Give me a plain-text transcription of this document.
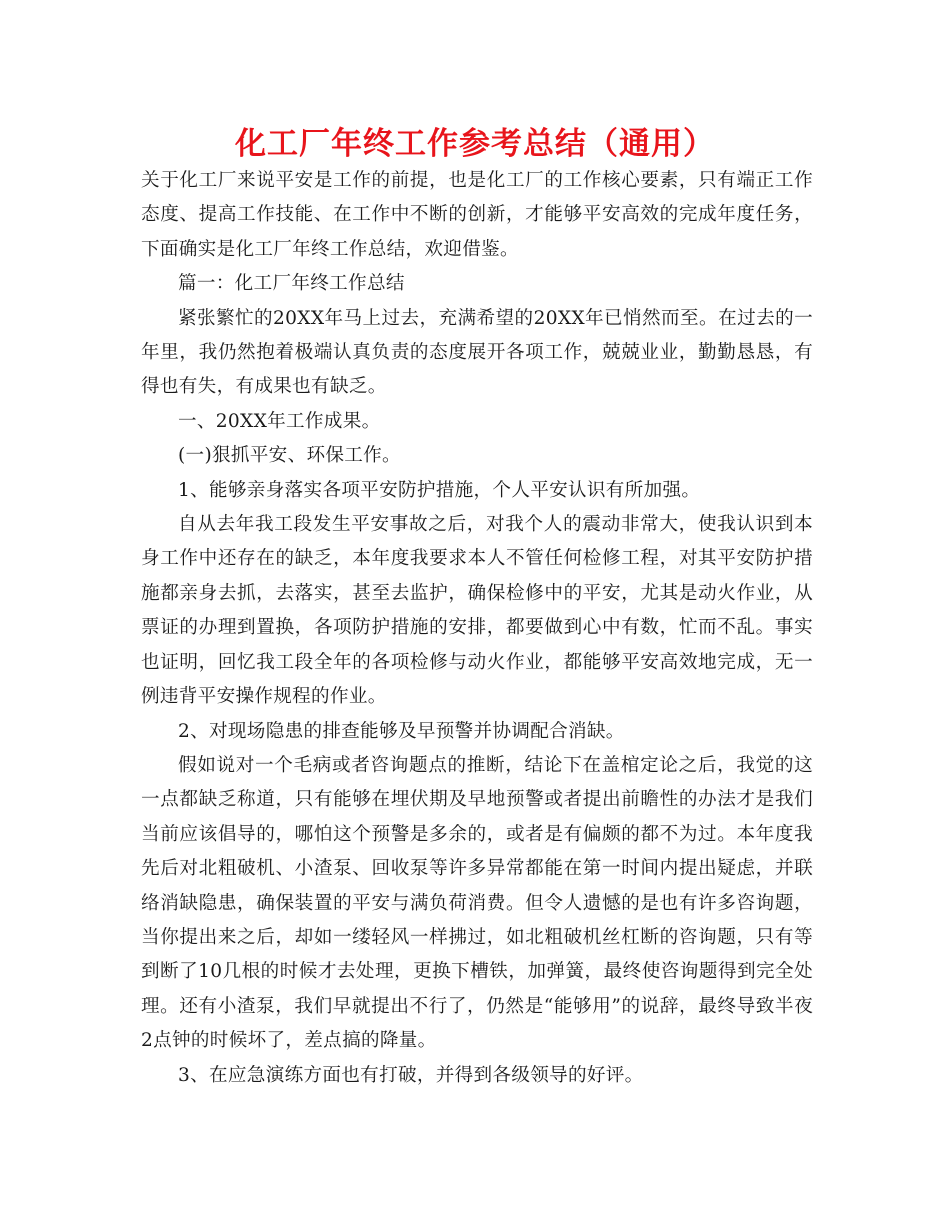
化工厂年终工作参考总结（通用）

关于化工厂来说平安是工作的前提，也是化工厂的工作核心要素，只有端正工作态度、提高工作技能、在工作中不断的创新，才能够平安高效的完成年度任务，下面确实是化工厂年终工作总结，欢迎借鉴。

篇一：化工厂年终工作总结

紧张繁忙的20XX年马上过去，充满希望的20XX年已悄然而至。在过去的一年里，我仍然抱着极端认真负责的态度展开各项工作，兢兢业业，勤勤恳恳，有得也有失，有成果也有缺乏。

一、20XX年工作成果。

(一)狠抓平安、环保工作。

1、能够亲身落实各项平安防护措施，个人平安认识有所加强。

自从去年我工段发生平安事故之后，对我个人的震动非常大，使我认识到本身工作中还存在的缺乏，本年度我要求本人不管任何检修工程，对其平安防护措施都亲身去抓，去落实，甚至去监护，确保检修中的平安，尤其是动火作业，从票证的办理到置换，各项防护措施的安排，都要做到心中有数，忙而不乱。事实也证明，回忆我工段全年的各项检修与动火作业，都能够平安高效地完成，无一例违背平安操作规程的作业。

2、对现场隐患的排查能够及早预警并协调配合消缺。

假如说对一个毛病或者咨询题点的推断，结论下在盖棺定论之后，我觉的这一点都缺乏称道，只有能够在埋伏期及早地预警或者提出前瞻性的办法才是我们当前应该倡导的，哪怕这个预警是多余的，或者是有偏颇的都不为过。本年度我先后对北粗破机、小渣泵、回收泵等许多异常都能在第一时间内提出疑虑，并联络消缺隐患，确保装置的平安与满负荷消费。但令人遗憾的是也有许多咨询题，当你提出来之后，却如一缕轻风一样拂过，如北粗破机丝杠断的咨询题，只有等到断了10几根的时候才去处理，更换下槽铁，加弹簧，最终使咨询题得到完全处理。还有小渣泵，我们早就提出不行了，仍然是“能够用”的说辞，最终导致半夜2点钟的时候坏了，差点搞的降量。

3、在应急演练方面也有打破，并得到各级领导的好评。
